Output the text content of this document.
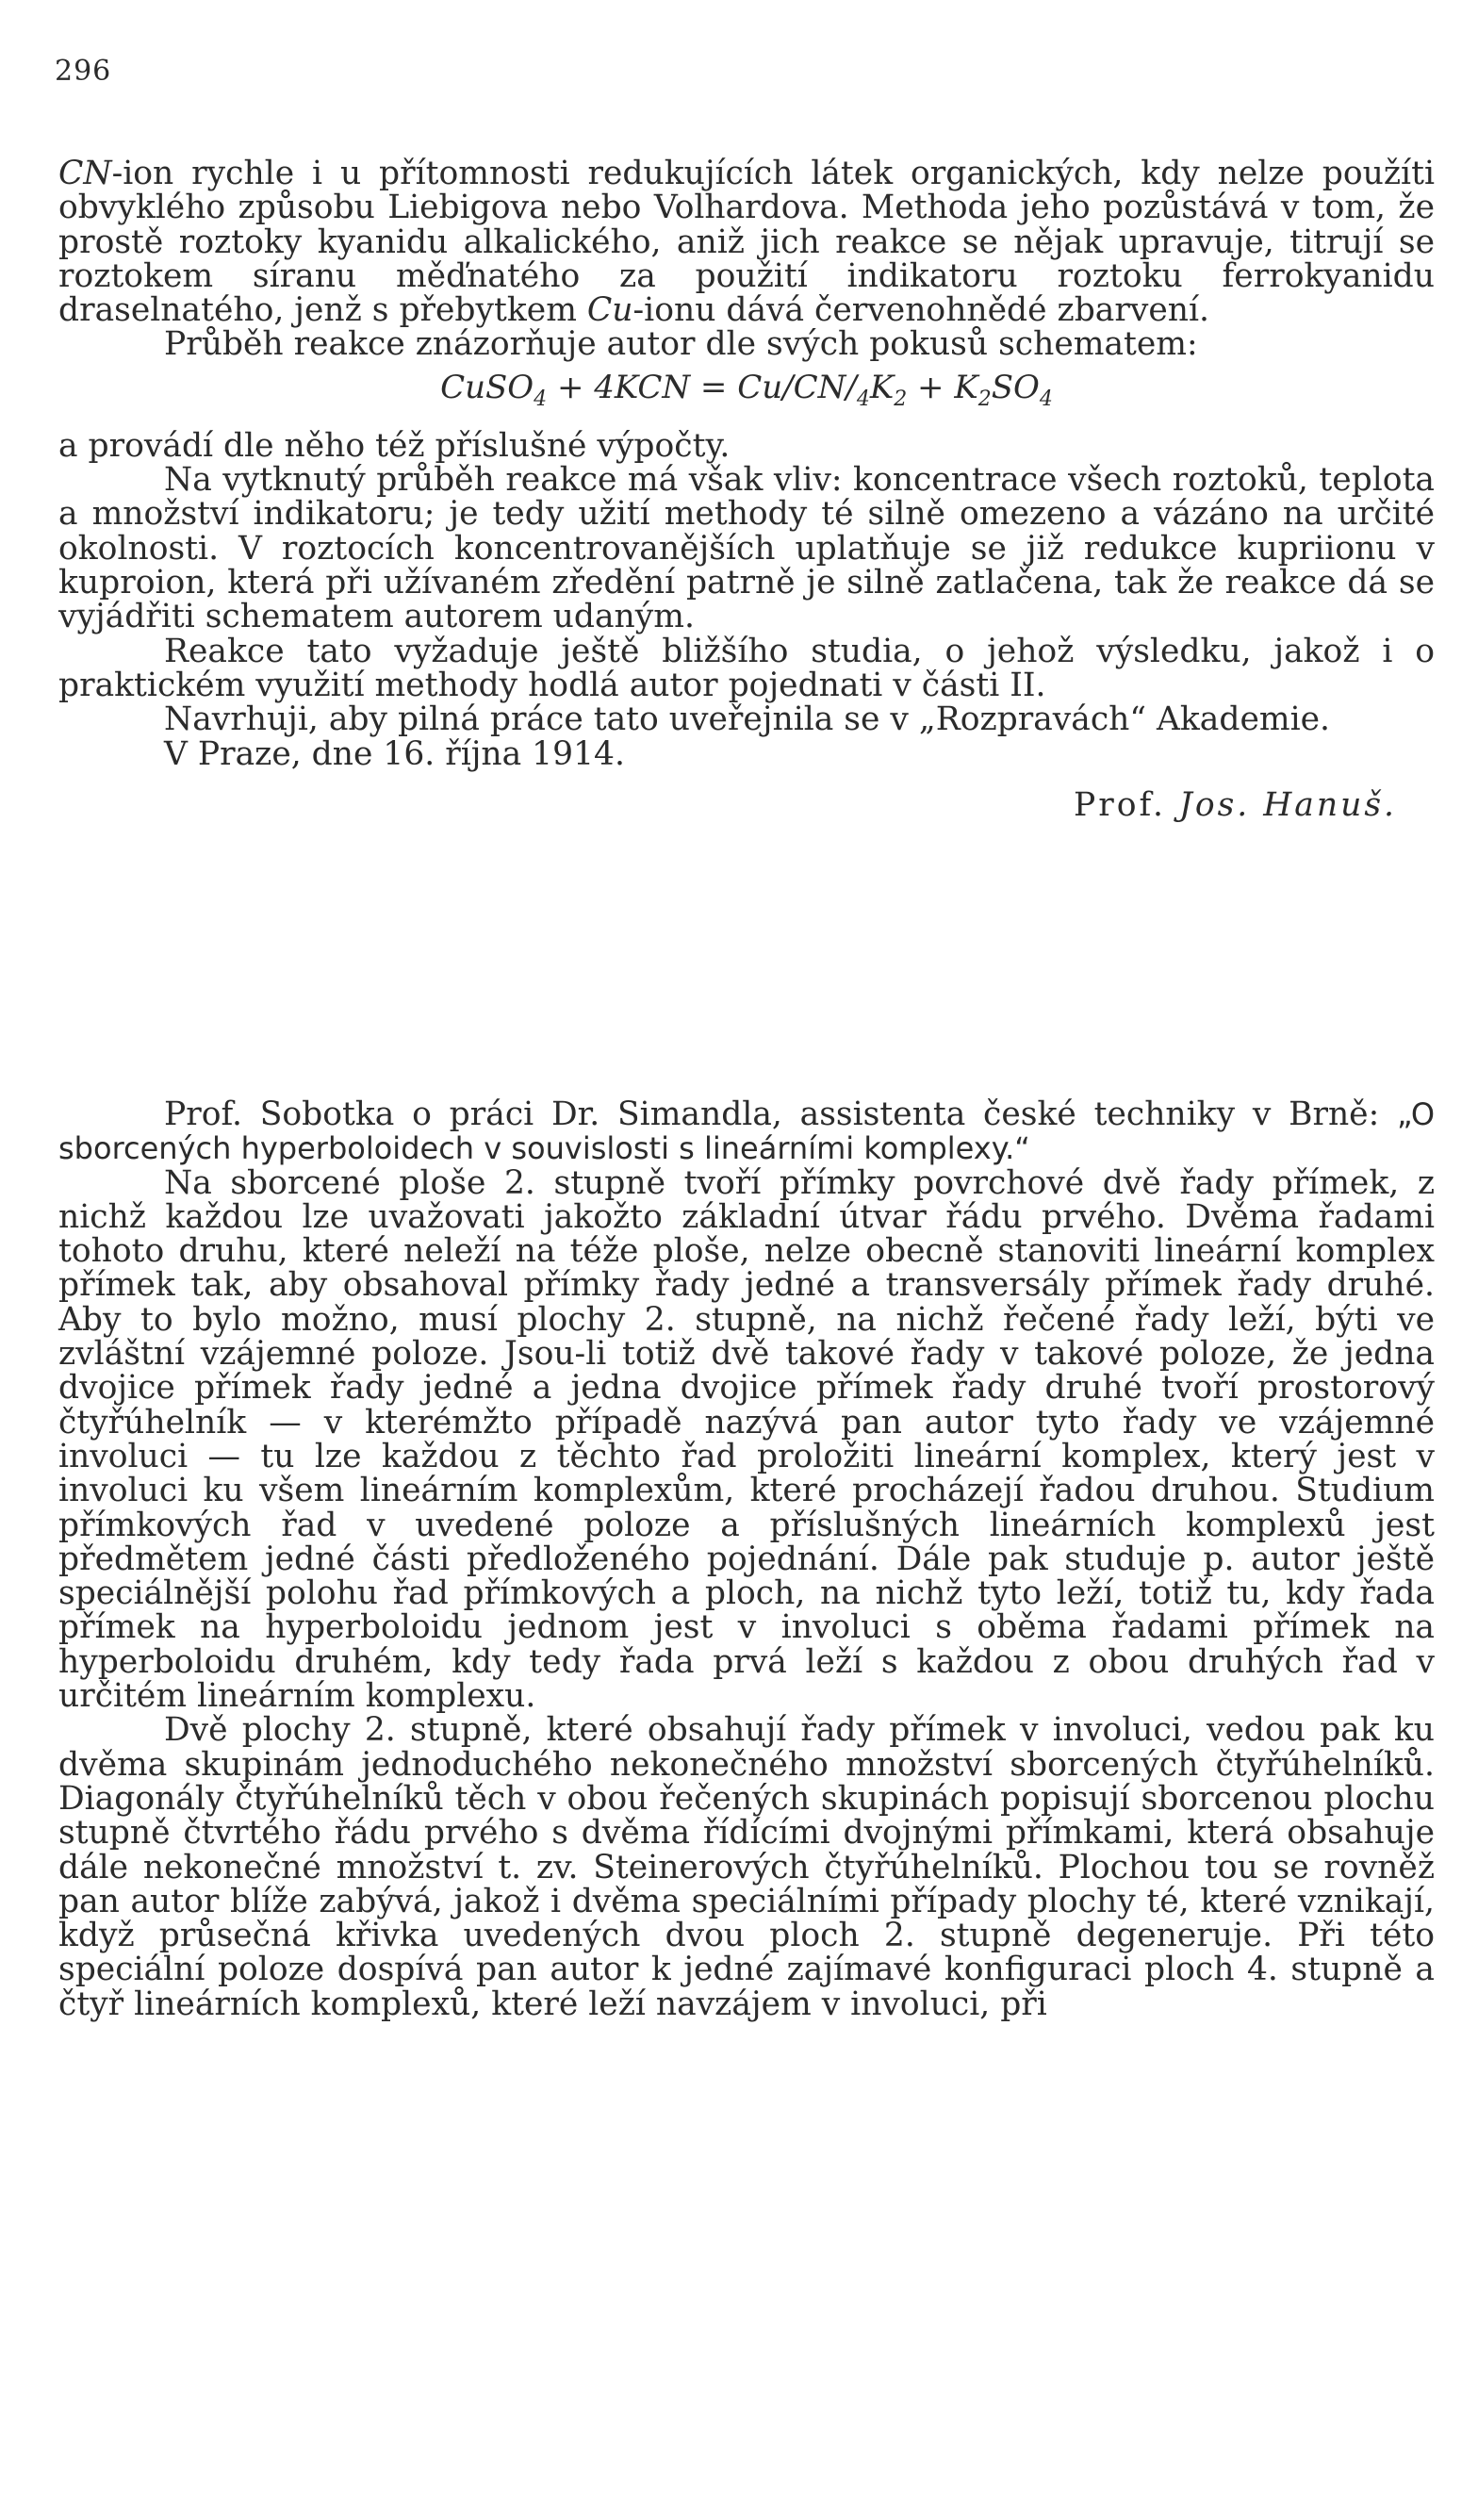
296

CN-ion rychle i u přítomnosti redukujících látek organických, kdy nelze použíti obvyklého způsobu Liebigova nebo Volhardova. Methoda jeho pozůstává v tom, že prostě roztoky kyanidu alkalického, aniž jich reakce se nějak upravuje, titrují se roztokem síranu měďnatého za použití indikatoru roztoku ferrokyanidu draselnatého, jenž s přebytkem Cu-ionu dává červenohnědé zbarvení.

Průběh reakce znázorňuje autor dle svých pokusů schematem:

CuSO$_4$ + $4KCN = Cu/CN/_4K_2 + K_2SO_4$

a provádí dle něho též příslušné výpočty.

Na vytknutý průběh reakce má však vliv: koncentrace všech roztoků, teplota a množství indikatoru; je tedy užití methody té silně omezeno a vázáno na určité okolnosti. V roztocích koncentrovanějších uplatňuje se již redukce kupriionu v kuproion, která při užívaném zředění patrně je silně zatlačena, tak že reakce dá se vyjádřiti schematem autorem udaným.

Reakce tato vyžaduje ještě bližšího studia, o jehož výsledku, jakož i o praktickém využití methody hodlá autor pojednati v části II.

Navrhuji, aby pilná práce tato uveřejnila se v „Rozpravách“ Akademie.

V Praze, dne 16. října 1914.

Prof. Jos. Hanuš.

Prof. Sobotka o práci Dr. Simandla, assistenta české techniky v Brně: „O sborcených hyperboloidech v souvislosti s lineárními komplexy.“

Na sborcené ploše 2. stupně tvoří přímky povrchové dvě řady přímek, z nichž každou lze uvažovati jakožto základní útvar řádu prvého. Dvěma řadami tohoto druhu, které neleží na téže ploše, nelze obecně stanoviti lineární komplex přímek tak, aby obsahoval přímky řady jedné a transversály přímek řady druhé. Aby to bylo možno, musí plochy 2. stupně, na nichž řečené řady leží, býti ve zvláštní vzájemné poloze. Jsou-li totiž dvě takové řady v takové poloze, že jedna dvojice přímek řady jedné a jedna dvojice přímek řady druhé tvoří prostorový čtyřúhelník — v kterémžto případě nazývá pan autor tyto řady ve vzájemné involuci — tu lze každou z těchto řad proložiti lineární komplex, který jest v involuci ku všem lineárním komplexům, které procházejí řadou druhou. Studium přímkových řad v uvedené poloze a příslušných lineárních komplexů jest předmětem jedné části předloženého pojednání. Dále pak studuje p. autor ještě speciálnější polohu řad přímkových a ploch, na nichž tyto leží, totiž tu, kdy řada přímek na hyperboloidu jednom jest v involuci s oběma řadami přímek na hyperboloidu druhém, kdy tedy řada prvá leží s každou z obou druhých řad v určitém lineárním komplexu.

Dvě plochy 2. stupně, které obsahují řady přímek v involuci, vedou pak ku dvěma skupinám jednoduchého nekonečného množství sborcených čtyřúhelníků. Diagonály čtyřúhelníků těch v obou řečených skupinách popisují sborcenou plochu stupně čtvrtého řádu prvého s dvěma řídícími dvojnými přímkami, která obsahuje dále nekonečné množství t. zv. Steinerových čtyřúhelníků. Plochou tou se rovněž pan autor blíže zabývá, jakož i dvěma speciálními případy plochy té, které vznikají, když průsečná křivka uvedených dvou ploch 2. stupně degeneruje. Při této speciální poloze dospívá pan autor k jedné zajímavé konfiguraci ploch 4. stupně a čtyř lineárních komplexů, které leží navzájem v involuci, při
